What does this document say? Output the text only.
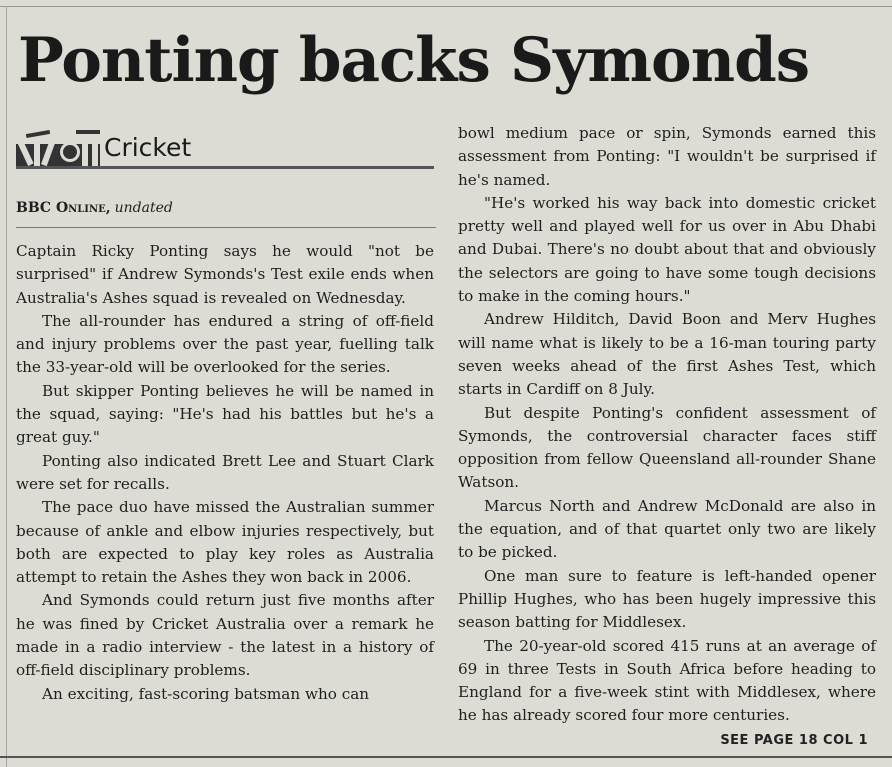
Ponting backs Symonds
Cricket
BBC Online, undated

Captain Ricky Ponting says he would "not be surprised" if Andrew Symonds's Test exile ends when Australia's Ashes squad is revealed on Wednesday.

The all-rounder has endured a string of off-field and injury problems over the past year, fuelling talk the 33-year-old will be overlooked for the series.

But skipper Ponting believes he will be named in the squad, saying: "He's had his battles but he's a great guy."

Ponting also indicated Brett Lee and Stuart Clark were set for recalls.

The pace duo have missed the Australian summer because of ankle and elbow injuries respectively, but both are expected to play key roles as Australia attempt to retain the Ashes they won back in 2006.

And Symonds could return just five months after he was fined by Cricket Australia over a remark he made in a radio interview - the latest in a history of off-field disciplinary problems.

An exciting, fast-scoring batsman who can

bowl medium pace or spin, Symonds earned this assessment from Ponting: "I wouldn't be surprised if he's named.

"He's worked his way back into domestic cricket pretty well and played well for us over in Abu Dhabi and Dubai. There's no doubt about that and obviously the selectors are going to have some tough decisions to make in the coming hours."

Andrew Hilditch, David Boon and Merv Hughes will name what is likely to be a 16-man touring party seven weeks ahead of the first Ashes Test, which starts in Cardiff on 8 July.

But despite Ponting's confident assessment of Symonds, the controversial character faces stiff opposition from fellow Queensland all-rounder Shane Watson.

Marcus North and Andrew McDonald are also in the equation, and of that quartet only two are likely to be picked.

One man sure to feature is left-handed opener Phillip Hughes, who has been hugely impressive this season batting for Middlesex.

The 20-year-old scored 415 runs at an average of 69 in three Tests in South Africa before heading to England for a five-week stint with Middlesex, where he has already scored four more centuries.

SEE PAGE 18 COL 1
